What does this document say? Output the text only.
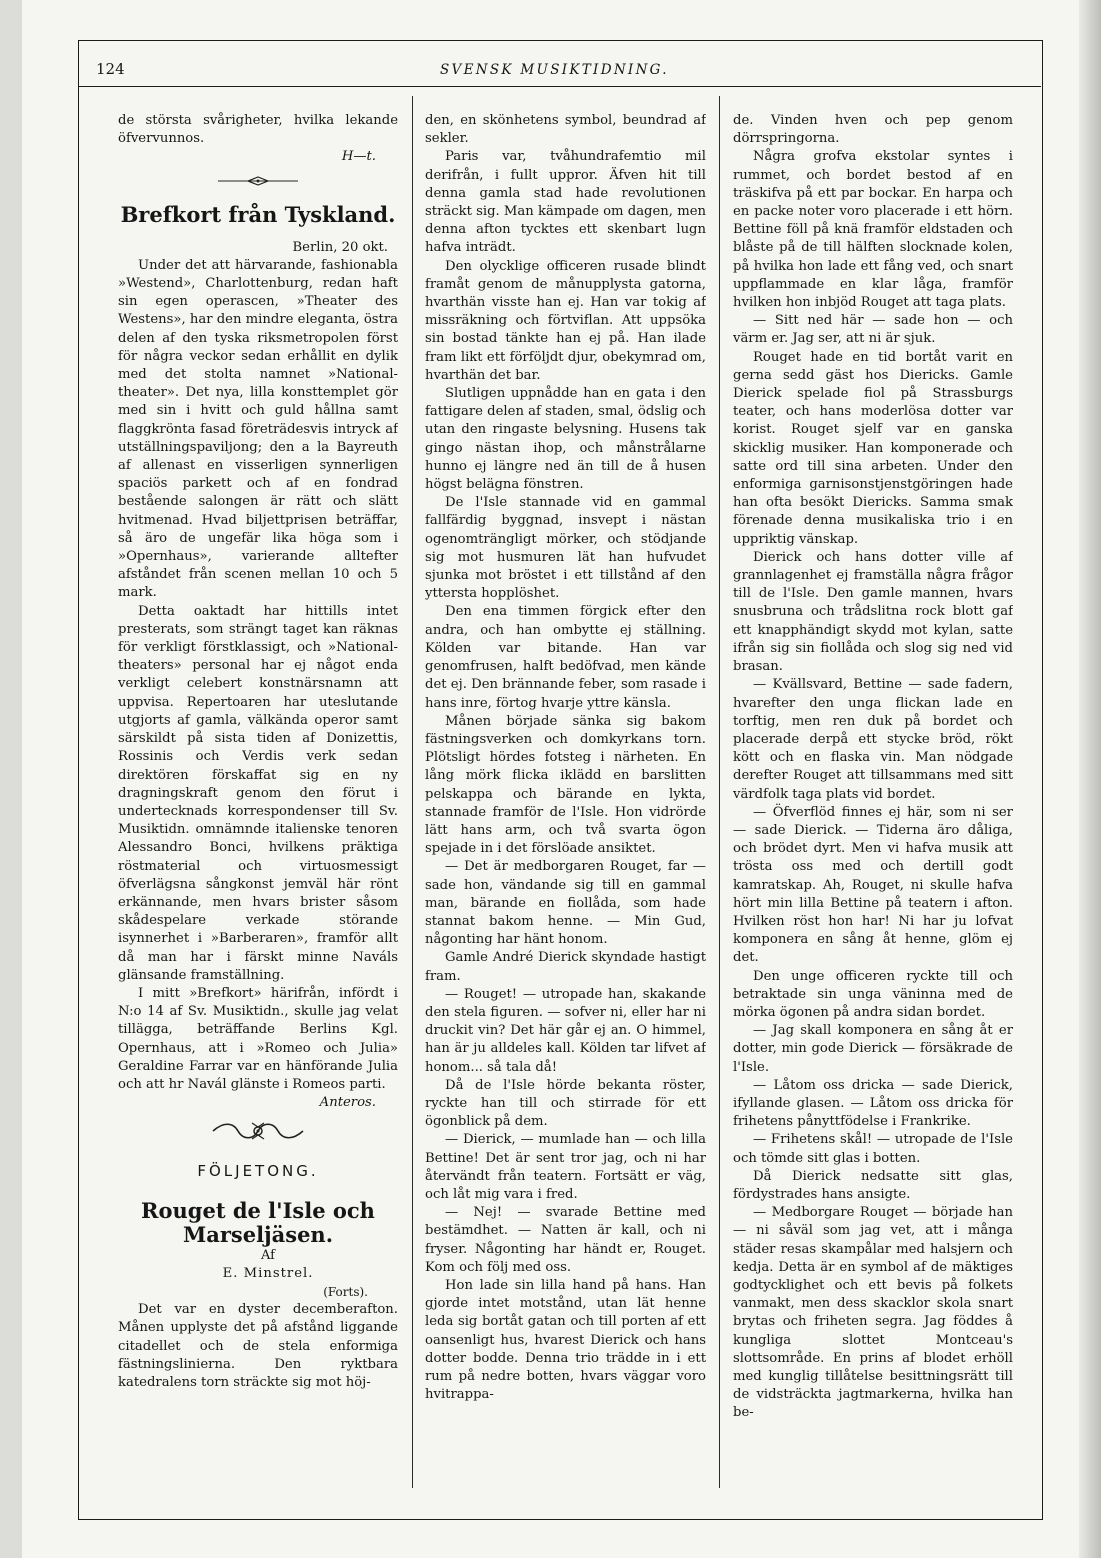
124	SVENSK MUSIKTIDNING.

de största svårigheter, hvilka lekande öfvervunnos.

H—t.

Brefkort från Tyskland.

Berlin, 20 okt.

Under det att härvarande, fashionabla »Westend», Charlottenburg, redan haft sin egen operascen, »Theater des Westens», har den mindre eleganta, östra delen af den tyska riksmetropolen först för några veckor sedan erhållit en dylik med det stolta namnet »National-theater». Det nya, lilla konsttemplet gör med sin i hvitt och guld hållna samt flaggkrönta fasad företrädesvis intryck af utställningspaviljong; den a la Bayreuth af allenast en visserligen synnerligen spaciös parkett och af en fondrad bestående salongen är rätt och slätt hvitmenad. Hvad biljettprisen beträffar, så äro de ungefär lika höga som i »Opernhaus», varierande alltefter afståndet från scenen mellan 10 och 5 mark.

Detta oaktadt har hittills intet presterats, som strängt taget kan räknas för verkligt förstklassigt, och »National-theaters» personal har ej något enda verkligt celebert konstnärsnamn att uppvisa. Repertoaren har uteslutande utgjorts af gamla, välkända operor samt särskildt på sista tiden af Donizettis, Rossinis och Verdis verk sedan direktören förskaffat sig en ny dragningskraft genom den förut i undertecknads korrespondenser till Sv. Musiktidn. omnämnde italienske tenoren Alessandro Bonci, hvilkens präktiga röstmaterial och virtuosmessigt öfverlägsna sångkonst jemväl här rönt erkännande, men hvars brister såsom skådespelare verkade störande isynnerhet i »Barberaren», framför allt då man har i färskt minne Naváls glänsande framställning.

I mitt »Brefkort» härifrån, infördt i N:o 14 af Sv. Musiktidn., skulle jag velat tillägga, beträffande Berlins Kgl. Opernhaus, att i »Romeo och Julia» Geraldine Farrar var en hänförande Julia och att hr Navál glänste i Romeos parti.

Anteros.

FÖLJETONG.
Rouget de l'Isle och Marseljäsen.

Af

E. Minstrel.

(Forts).

Det var en dyster decemberafton. Månen upplyste det på afstånd liggande citadellet och de stela enformiga fästningslinierna. Den ryktbara katedralens torn sträckte sig mot höj-

den, en skönhetens symbol, beundrad af sekler.

Paris var, tvåhundrafemtio mil derifrån, i fullt uppror. Äfven hit till denna gamla stad hade revolutionen sträckt sig. Man kämpade om dagen, men denna afton tycktes ett skenbart lugn hafva inträdt.

Den olycklige officeren rusade blindt framåt genom de månupplysta gatorna, hvarthän visste han ej. Han var tokig af missräkning och förtviflan. Att uppsöka sin bostad tänkte han ej på. Han ilade fram likt ett förföljdt djur, obekymrad om, hvarthän det bar.

Slutligen uppnådde han en gata i den fattigare delen af staden, smal, ödslig och utan den ringaste belysning. Husens tak gingo nästan ihop, och månstrålarne hunno ej längre ned än till de å husen högst belägna fönstren.

De l'Isle stannade vid en gammal fallfärdig byggnad, insvept i nästan ogenomträngligt mörker, och stödjande sig mot husmuren lät han hufvudet sjunka mot bröstet i ett tillstånd af den yttersta hopplöshet.

Den ena timmen förgick efter den andra, och han ombytte ej ställning. Kölden var bitande. Han var genomfrusen, halft bedöfvad, men kände det ej. Den brännande feber, som rasade i hans inre, förtog hvarje yttre känsla.

Månen började sänka sig bakom fästningsverken och domkyrkans torn. Plötsligt hördes fotsteg i närheten. En lång mörk flicka iklädd en barslitten pelskappa och bärande en lykta, stannade framför de l'Isle. Hon vidrörde lätt hans arm, och två svarta ögon spejade in i det förslöade ansiktet.

— Det är medborgaren Rouget, far — sade hon, vändande sig till en gammal man, bärande en fiollåda, som hade stannat bakom henne. — Min Gud, någonting har hänt honom.

Gamle André Dierick skyndade hastigt fram.

— Rouget! — utropade han, skakande den stela figuren. — sofver ni, eller har ni druckit vin? Det här går ej an. O himmel, han är ju alldeles kall. Kölden tar lifvet af honom... så tala då!

Då de l'Isle hörde bekanta röster, ryckte han till och stirrade för ett ögonblick på dem.

— Dierick, — mumlade han — och lilla Bettine! Det är sent tror jag, och ni har återvändt från teatern. Fortsätt er väg, och låt mig vara i fred.

— Nej! — svarade Bettine med bestämdhet. — Natten är kall, och ni fryser. Någonting har händt er, Rouget. Kom och följ med oss.

Hon lade sin lilla hand på hans. Han gjorde intet motstånd, utan lät henne leda sig bortåt gatan och till porten af ett oansenligt hus, hvarest Dierick och hans dotter bodde. Denna trio trädde in i ett rum på nedre botten, hvars väggar voro hvitrappa-

de. Vinden hven och pep genom dörrspringorna.

Några grofva ekstolar syntes i rummet, och bordet bestod af en träskifva på ett par bockar. En harpa och en packe noter voro placerade i ett hörn. Bettine föll på knä framför eldstaden och blåste på de till hälften slocknade kolen, på hvilka hon lade ett fång ved, och snart uppflammade en klar låga, framför hvilken hon inbjöd Rouget att taga plats.

— Sitt ned här — sade hon — och värm er. Jag ser, att ni är sjuk.

Rouget hade en tid bortåt varit en gerna sedd gäst hos Diericks. Gamle Dierick spelade fiol på Strassburgs teater, och hans moderlösa dotter var korist. Rouget sjelf var en ganska skicklig musiker. Han komponerade och satte ord till sina arbeten. Under den enformiga garnisonstjenstgöringen hade han ofta besökt Diericks. Samma smak förenade denna musikaliska trio i en uppriktig vänskap.

Dierick och hans dotter ville af grannlagenhet ej framställa några frågor till de l'Isle. Den gamle mannen, hvars snusbruna och trådslitna rock blott gaf ett knapphändigt skydd mot kylan, satte ifrån sig sin fiollåda och slog sig ned vid brasan.

— Kvällsvard, Bettine — sade fadern, hvarefter den unga flickan lade en torftig, men ren duk på bordet och placerade derpå ett stycke bröd, rökt kött och en flaska vin. Man nödgade derefter Rouget att tillsammans med sitt värdfolk taga plats vid bordet.

— Öfverflöd finnes ej här, som ni ser — sade Dierick. — Tiderna äro dåliga, och brödet dyrt. Men vi hafva musik att trösta oss med och dertill godt kamratskap. Ah, Rouget, ni skulle hafva hört min lilla Bettine på teatern i afton. Hvilken röst hon har! Ni har ju lofvat komponera en sång åt henne, glöm ej det.

Den unge officeren ryckte till och betraktade sin unga väninna med de mörka ögonen på andra sidan bordet.

— Jag skall komponera en sång åt er dotter, min gode Dierick — försäkrade de l'Isle.

— Låtom oss dricka — sade Dierick, ifyllande glasen. — Låtom oss dricka för frihetens pånyttfödelse i Frankrike.

— Frihetens skål! — utropade de l'Isle och tömde sitt glas i botten.

Då Dierick nedsatte sitt glas, fördystrades hans ansigte.

— Medborgare Rouget — började han — ni såväl som jag vet, att i många städer resas skampålar med halsjern och kedja. Detta är en symbol af de mäktiges godtycklighet och ett bevis på folkets vanmakt, men dess skacklor skola snart brytas och friheten segra. Jag föddes å kungliga slottet Montceau's slottsområde. En prins af blodet erhöll med kunglig tillåtelse besittningsrätt till de vidsträckta jagtmarkerna, hvilka han be-
